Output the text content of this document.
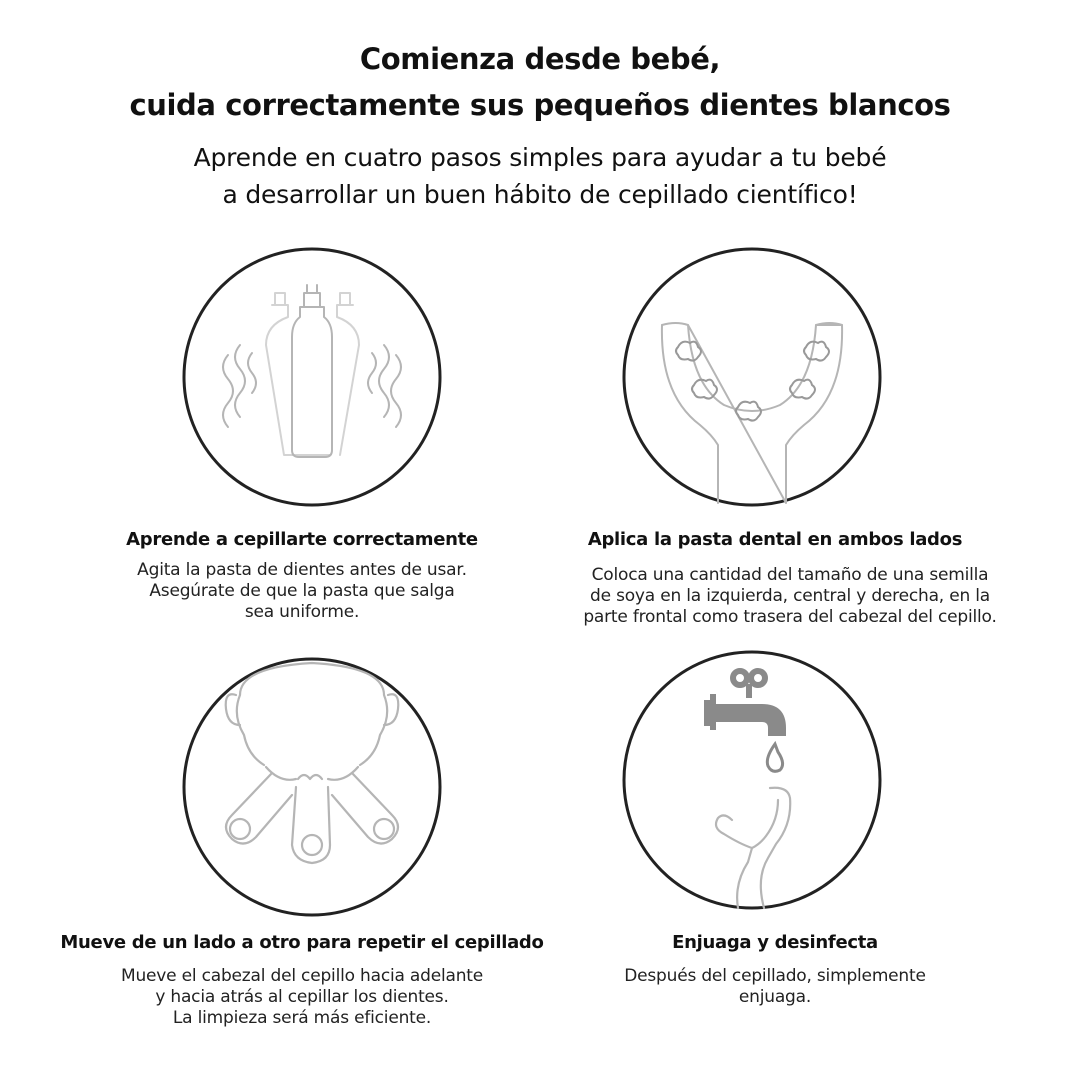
Comienza desde bebé,
cuida correctamente sus pequeños dientes blancos

Aprende en cuatro pasos simples para ayudar a tu bebé

a desarrollar un buen hábito de cepillado científico!

Aprende a cepillarte correctamente

Agita la pasta de dientes antes de usar.
Asegúrate de que la pasta que salga
sea uniforme.

Aplica la pasta dental en ambos lados

Coloca una cantidad del tamaño de una semilla
de soya en la izquierda, central y derecha, en la
parte frontal como trasera del cabezal del cepillo.

Mueve de un lado a otro para repetir el cepillado

Mueve el cabezal del cepillo hacia adelante
y hacia atrás al cepillar los dientes.
La limpieza será más eficiente.

Enjuaga y desinfecta

Después del cepillado, simplemente
enjuaga.
